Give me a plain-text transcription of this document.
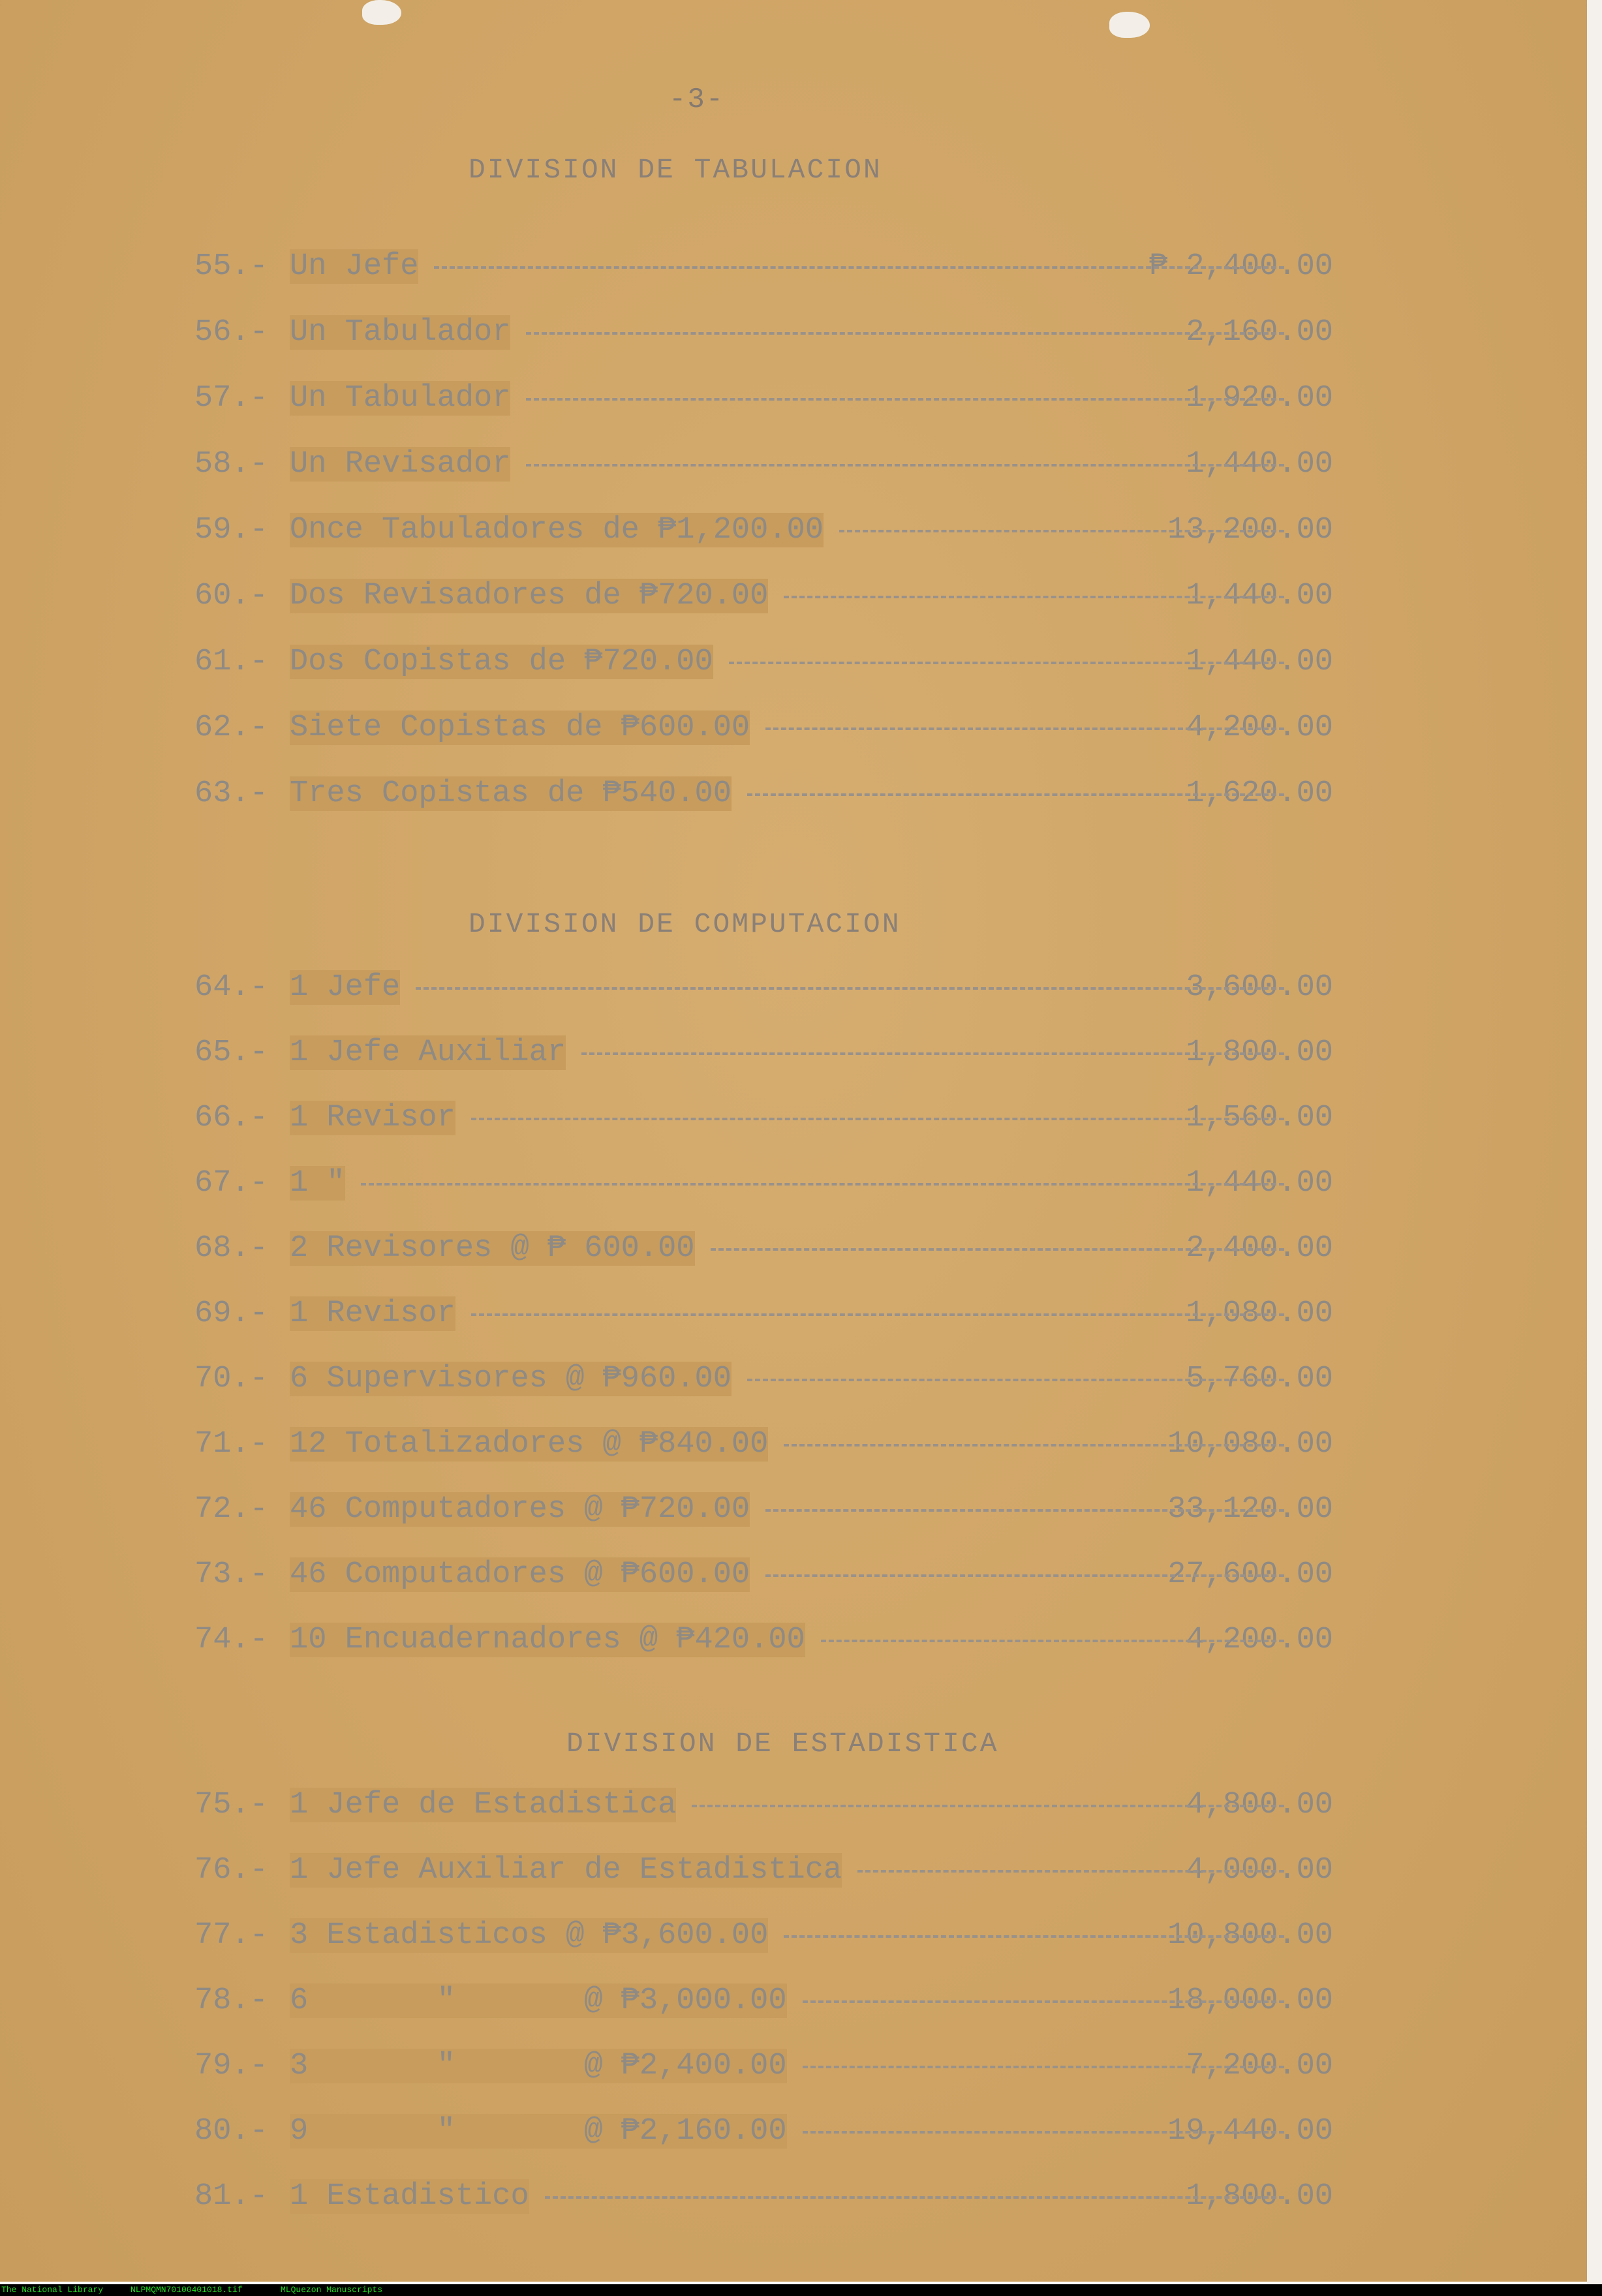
-3-
DIVISION DE TABULACION
55.- Un Jefe	₱ 2,400.00
56.- Un Tabulador	2,160.00
57.- Un Tabulador	1,920.00
58.- Un Revisador	1,440.00
59.- Once Tabuladores de ₱1,200.00	13,200.00
60.- Dos Revisadores de ₱720.00	1,440.00
61.- Dos Copistas de ₱720.00	1,440.00
62.- Siete Copistas de ₱600.00	4,200.00
63.- Tres Copistas de ₱540.00	1,620.00
DIVISION DE COMPUTACION
64.- 1 Jefe	3,600.00
65.- 1 Jefe Auxiliar	1,800.00
66.- 1 Revisor	1,560.00
67.- 1 "	1,440.00
68.- 2 Revisores @ ₱ 600.00	2,400.00
69.- 1 Revisor	1,080.00
70.- 6 Supervisores @ ₱960.00	5,760.00
71.- 12 Totalizadores @ ₱840.00	10,080.00
72.- 46 Computadores @ ₱720.00	33,120.00
73.- 46 Computadores @ ₱600.00	27,600.00
74.- 10 Encuadernadores @ ₱420.00	4,200.00
DIVISION DE ESTADISTICA
75.- 1 Jefe de Estadistica	4,800.00
76.- 1 Jefe Auxiliar de Estadistica	4,000.00
77.- 3 Estadisticos @ ₱3,600.00	10,800.00
78.- 6       "       @ ₱3,000.00	18,000.00
79.- 3       "       @ ₱2,400.00	7,200.00
80.- 9       "       @ ₱2,160.00	19,440.00
81.- 1 Estadistico	1,800.00
The National Library	NLPMQMN70100401018.tif	MLQuezon Manuscripts
